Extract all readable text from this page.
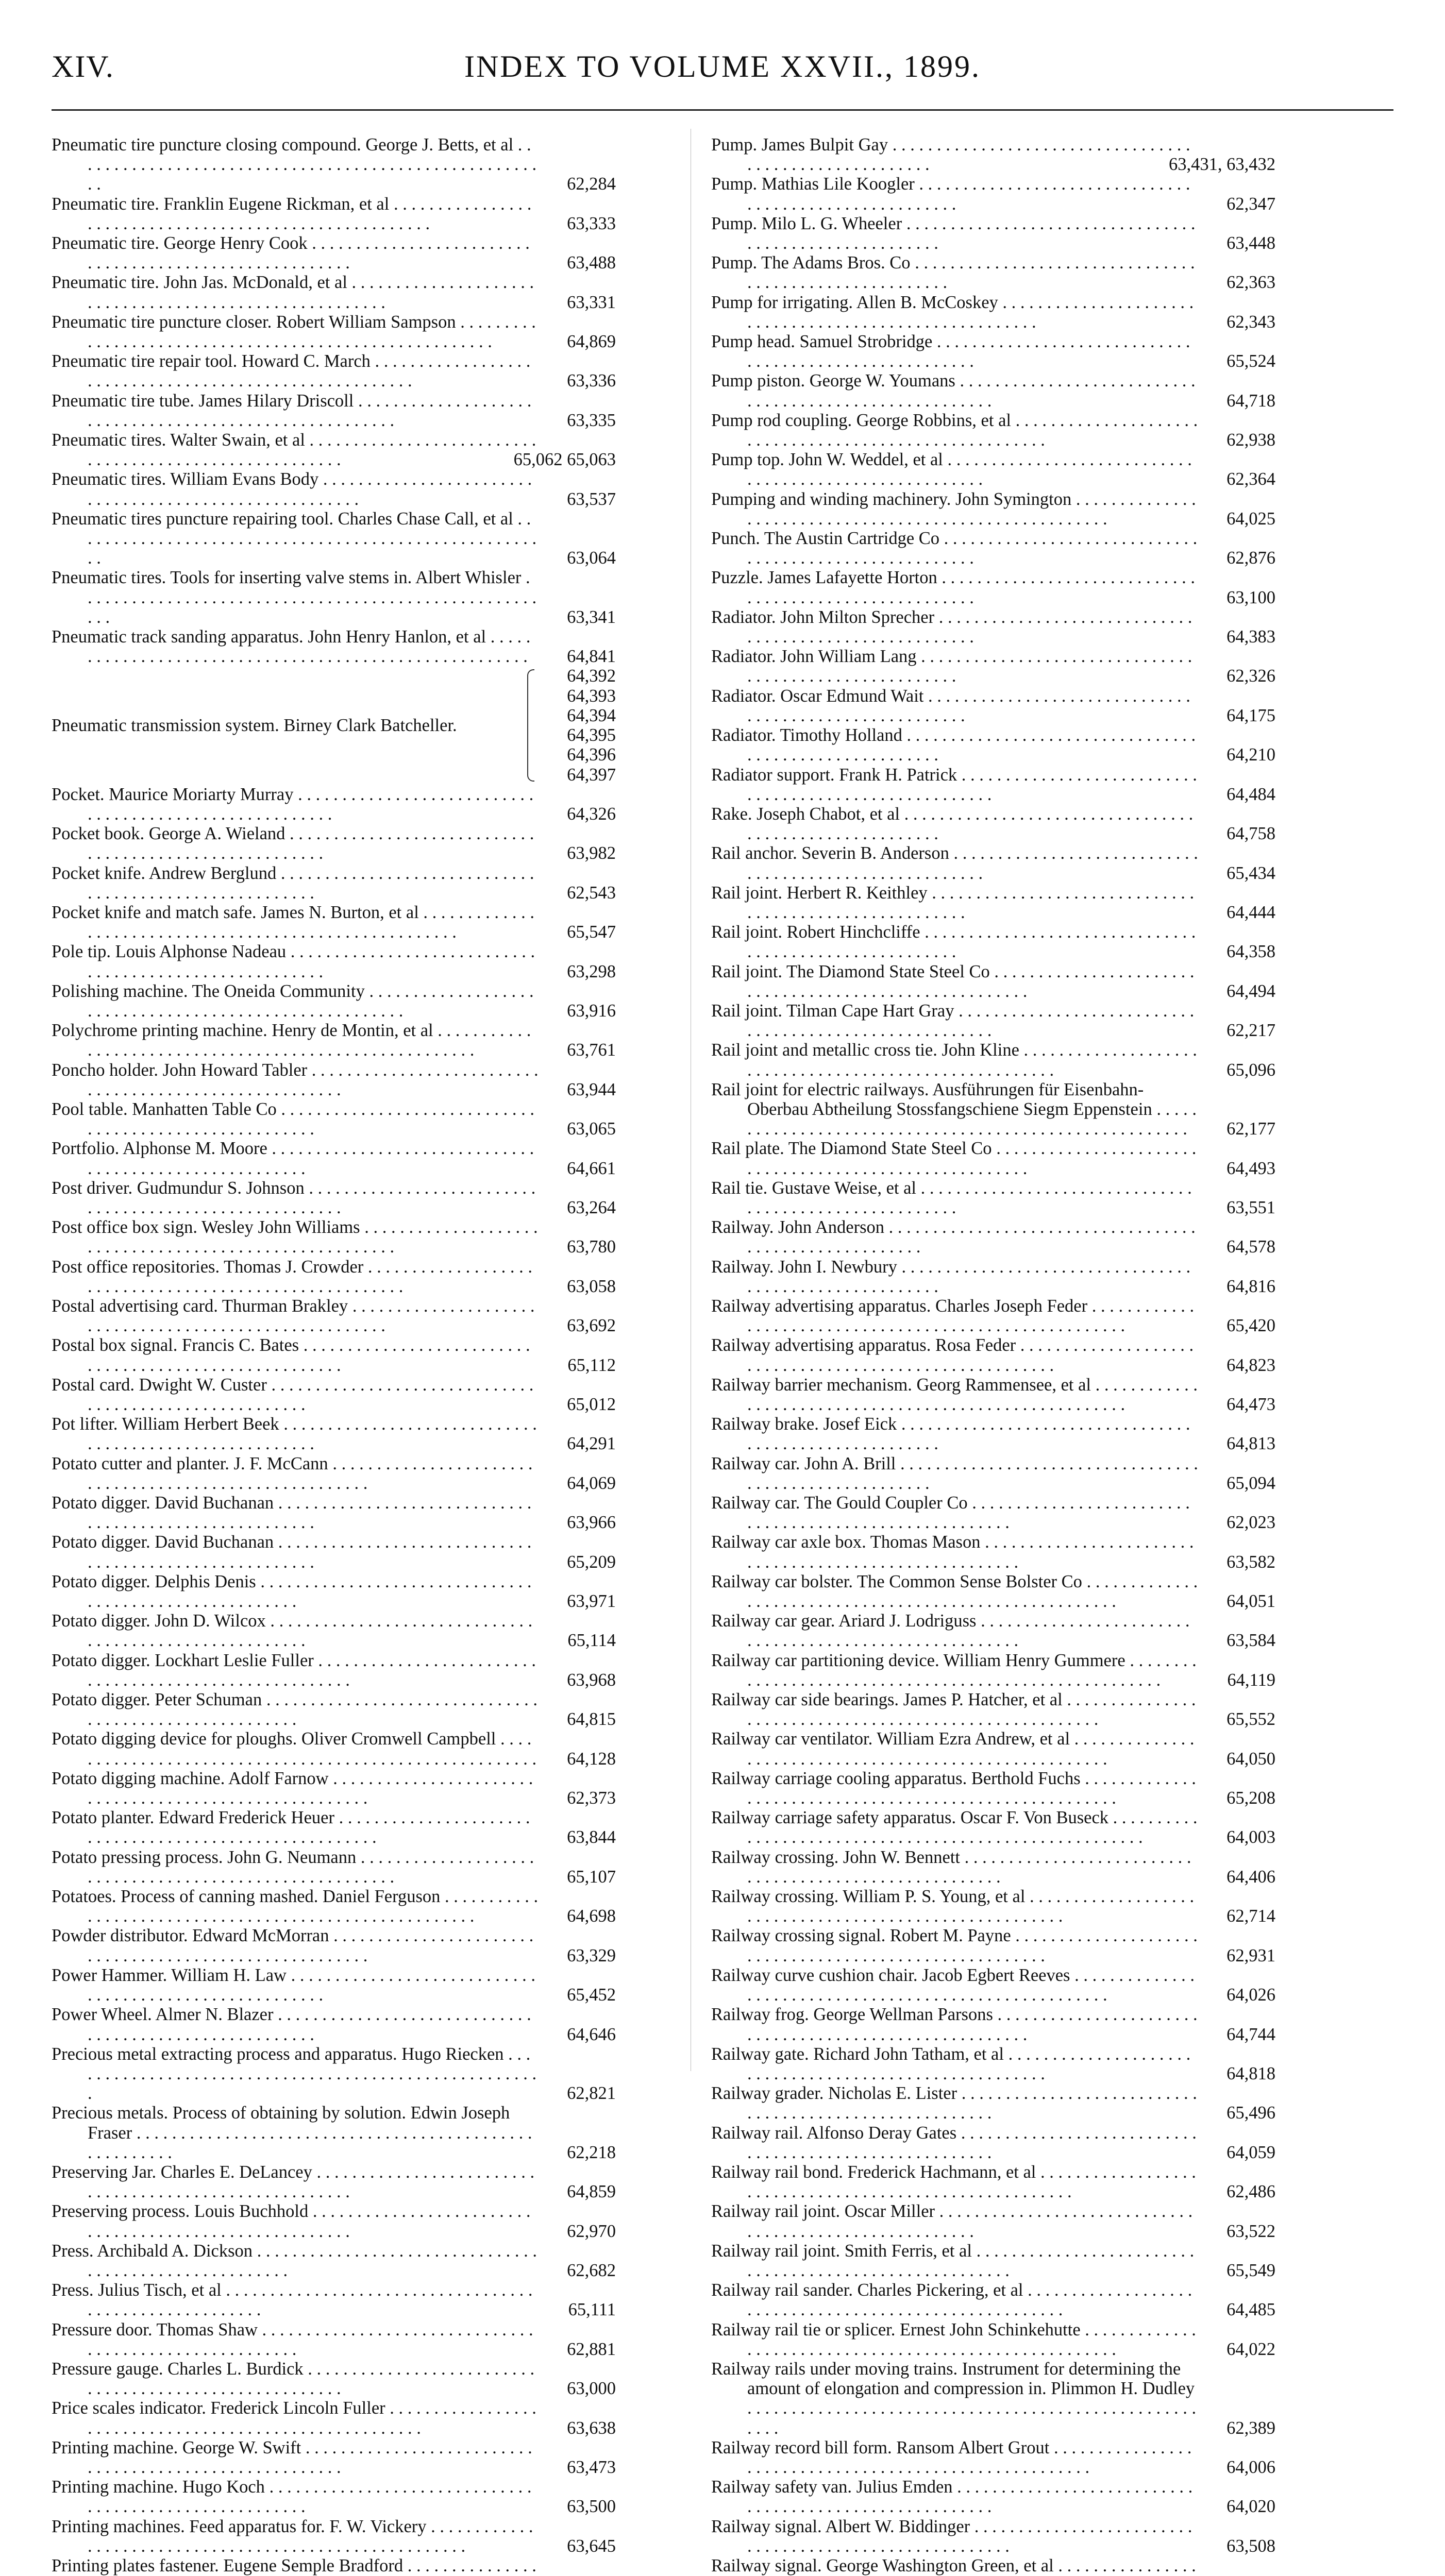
XIV.	INDEX TO VOLUME XXVII., 1899.
Pneumatic tire puncture closing compound. George J. Betts, et al . . .
62,284
Pneumatic tire. Franklin Eugene Rickman, et al . . .
63,333
Pneumatic tire. George Henry Cook . . .
63,488
Pneumatic tire. John Jas. McDonald, et al . . .
63,331
Pneumatic tire puncture closer. Robert William Sampson . . .
64,869
Pneumatic tire repair tool. Howard C. March . . .
63,336
Pneumatic tire tube. James Hilary Driscoll . . .
63,335
Pneumatic tires. Walter Swain, et al . . .
65,062 65,063
Pneumatic tires. William Evans Body . . .
63,537
Pneumatic tires puncture repairing tool. Charles Chase Call, et al . . .
63,064
Pneumatic tires. Tools for inserting valve stems in. Albert Whisler . . .
63,341
Pneumatic track sanding apparatus. John Henry Hanlon, et al . . .
64,841
Pneumatic transmission system. Birney Clark Batcheller.
64,392
64,393
64,394
64,395
64,396
64,397
Pocket. Maurice Moriarty Murray . . .
64,326
Pocket book. George A. Wieland . . .
63,982
Pocket knife. Andrew Berglund . . .
62,543
Pocket knife and match safe. James N. Burton, et al . . .
65,547
Pole tip. Louis Alphonse Nadeau . . .
63,298
Polishing machine. The Oneida Community . . .
63,916
Polychrome printing machine. Henry de Montin, et al . . .
63,761
Poncho holder. John Howard Tabler . . .
63,944
Pool table. Manhatten Table Co . . .
63,065
Portfolio. Alphonse M. Moore . . .
64,661
Post driver. Gudmundur S. Johnson . . .
63,264
Post office box sign. Wesley John Williams . . .
63,780
Post office repositories. Thomas J. Crowder . . .
63,058
Postal advertising card. Thurman Brakley . . .
63,692
Postal box signal. Francis C. Bates . . .
65,112
Postal card. Dwight W. Custer . . .
65,012
Pot lifter. William Herbert Beek . . .
64,291
Potato cutter and planter. J. F. McCann . . .
64,069
Potato digger. David Buchanan . . .
63,966
Potato digger. David Buchanan . . .
65,209
Potato digger. Delphis Denis . . .
63,971
Potato digger. John D. Wilcox . . .
65,114
Potato digger. Lockhart Leslie Fuller . . .
63,968
Potato digger. Peter Schuman . . .
64,815
Potato digging device for ploughs. Oliver Cromwell Campbell . . .
64,128
Potato digging machine. Adolf Farnow . . .
62,373
Potato planter. Edward Frederick Heuer . . .
63,844
Potato pressing process. John G. Neumann . . .
65,107
Potatoes. Process of canning mashed. Daniel Ferguson . . .
64,698
Powder distributor. Edward McMorran . . .
63,329
Power Hammer. William H. Law . . .
65,452
Power Wheel. Almer N. Blazer . . .
64,646
Precious metal extracting process and apparatus. Hugo Riecken . . .
62,821
Precious metals. Process of obtaining by solution. Edwin Joseph Fraser . . .
62,218
Preserving Jar. Charles E. DeLancey . . .
64,859
Preserving process. Louis Buchhold . . .
62,970
Press. Archibald A. Dickson . . .
62,682
Press. Julius Tisch, et al . . .
65,111
Pressure door. Thomas Shaw . . .
62,881
Pressure gauge. Charles L. Burdick . . .
63,000
Price scales indicator. Frederick Lincoln Fuller . . .
63,638
Printing machine. George W. Swift . . .
63,473
Printing machine. Hugo Koch . . .
63,500
Printing machines. Feed apparatus for. F. W. Vickery . . .
63,645
Printing plates fastener. Eugene Semple Bradford . . .
Pump. James Bulpit Gay . . .
63,431, 63,432
Pump. Mathias Lile Koogler . . .
62,347
Pump. Milo L. G. Wheeler . . .
63,448
Pump. The Adams Bros. Co . . .
62,363
Pump for irrigating. Allen B. McCoskey . . .
62,343
Pump head. Samuel Strobridge . . .
65,524
Pump piston. George W. Youmans . . .
64,718
Pump rod coupling. George Robbins, et al . . .
62,938
Pump top. John W. Weddel, et al . . .
62,364
Pumping and winding machinery. John Symington . . .
64,025
Punch. The Austin Cartridge Co . . .
62,876
Puzzle. James Lafayette Horton . . .
63,100
Radiator. John Milton Sprecher . . .
64,383
Radiator. John William Lang . . .
62,326
Radiator. Oscar Edmund Wait . . .
64,175
Radiator. Timothy Holland . . .
64,210
Radiator support. Frank H. Patrick . . .
64,484
Rake. Joseph Chabot, et al . . .
64,758
Rail anchor. Severin B. Anderson . . .
65,434
Rail joint. Herbert R. Keithley . . .
64,444
Rail joint. Robert Hinchcliffe . . .
64,358
Rail joint. The Diamond State Steel Co . . .
64,494
Rail joint. Tilman Cape Hart Gray . . .
62,217
Rail joint and metallic cross tie. John Kline . . .
65,096
Rail joint for electric railways. Ausführungen für Eisenbahn-Oberbau Abtheilung Stossfangschiene Siegm Eppenstein . . .
62,177
Rail plate. The Diamond State Steel Co . . .
64,493
Rail tie. Gustave Weise, et al . . .
63,551
Railway. John Anderson . . .
64,578
Railway. John I. Newbury . . .
64,816
Railway advertising apparatus. Charles Joseph Feder . . .
65,420
Railway advertising apparatus. Rosa Feder . . .
64,823
Railway barrier mechanism. Georg Rammensee, et al . . .
64,473
Railway brake. Josef Eick . . .
64,813
Railway car. John A. Brill . . .
65,094
Railway car. The Gould Coupler Co . . .
62,023
Railway car axle box. Thomas Mason . . .
63,582
Railway car bolster. The Common Sense Bolster Co . . .
64,051
Railway car gear. Ariard J. Lodriguss . . .
63,584
Railway car partitioning device. William Henry Gummere . . .
64,119
Railway car side bearings. James P. Hatcher, et al . . .
65,552
Railway car ventilator. William Ezra Andrew, et al . . .
64,050
Railway carriage cooling apparatus. Berthold Fuchs . . .
65,208
Railway carriage safety apparatus. Oscar F. Von Buseck . . .
64,003
Railway crossing. John W. Bennett . . .
64,406
Railway crossing. William P. S. Young, et al . . .
62,714
Railway crossing signal. Robert M. Payne . . .
62,931
Railway curve cushion chair. Jacob Egbert Reeves . . .
64,026
Railway frog. George Wellman Parsons . . .
64,744
Railway gate. Richard John Tatham, et al . . .
64,818
Railway grader. Nicholas E. Lister . . .
65,496
Railway rail. Alfonso Deray Gates . . .
64,059
Railway rail bond. Frederick Hachmann, et al . . .
62,486
Railway rail joint. Oscar Miller . . .
63,522
Railway rail joint. Smith Ferris, et al . . .
65,549
Railway rail sander. Charles Pickering, et al . . .
64,485
Railway rail tie or splicer. Ernest John Schinkehutte . . .
64,022
Railway rails under moving trains. Instrument for determining the amount of elongation and compression in. Plimmon H. Dudley . . .
62,389
Railway record bill form. Ransom Albert Grout . . .
64,006
Railway safety van. Julius Emden . . .
64,020
Railway signal. Albert W. Biddinger . . .
63,508
Railway signal. George Washington Green, et al . . .
